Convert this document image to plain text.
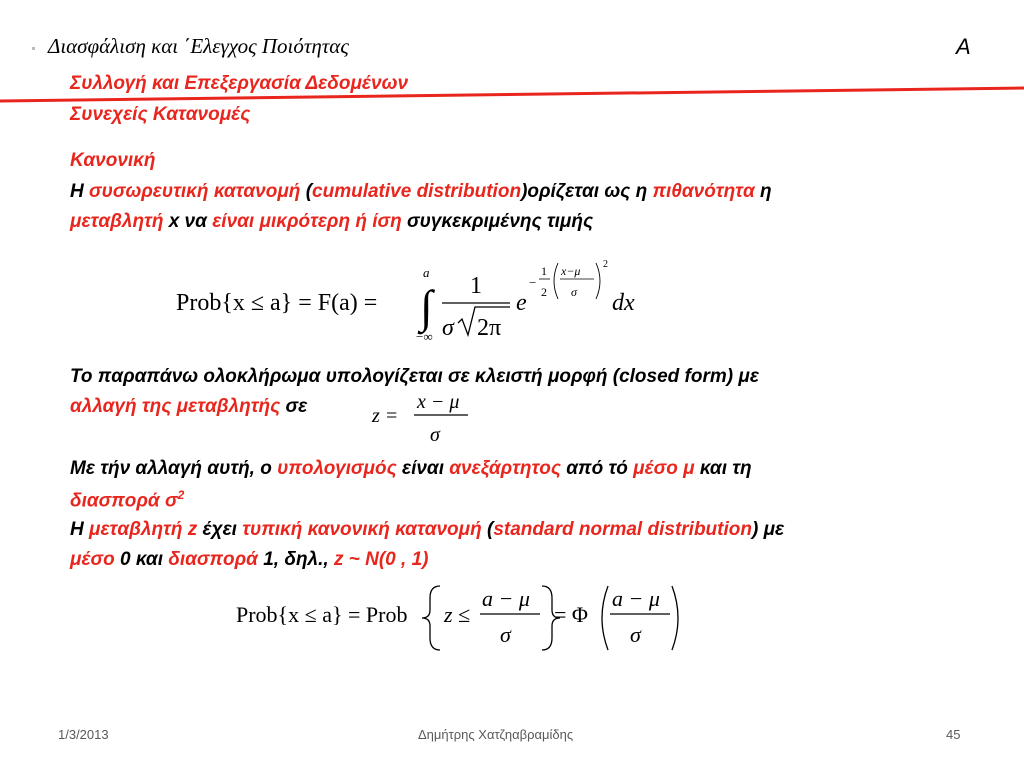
Διασφάλιση και ΄Ελεγχος Ποιότητας	A
Συλλογή και Επεξεργασία Δεδομένων
Συνεχείς Κατανομές
Κανονική
Η συσωρευτική κατανομή (cumulative distribution)ορίζεται ως η πιθανότητα η
μεταβλητή x να είναι μικρότερη ή ίση συγκεκριμένης τιμής
Prob{x ≤ a} = F(a) = ∫
a
−∞
1
σ 2π
e
−
1
2
x−μ
σ
2
dx
Το παραπάνω ολοκλήρωμα υπολογίζεται σε κλειστή μορφή (closed form) με
αλλαγή της μεταβλητής σε	z =
x − μ
σ
Με τήν αλλαγή αυτή, ο υπολογισμός είναι ανεξάρτητος από τό μέσο μ και τη
διασπορά $\sigma^2$
Η μεταβλητή z έχει τυπική κανονική κατανομή (standard normal distribution) με
μέσο 0 και διασπορά 1, δηλ., z ~ N(0 , 1)
Prob{x ≤ a} = Prob z ≤
a − μ
σ
= Φ
a − μ
σ
1/3/2013	Δημήτρης Χατζηαβραμίδης	45
